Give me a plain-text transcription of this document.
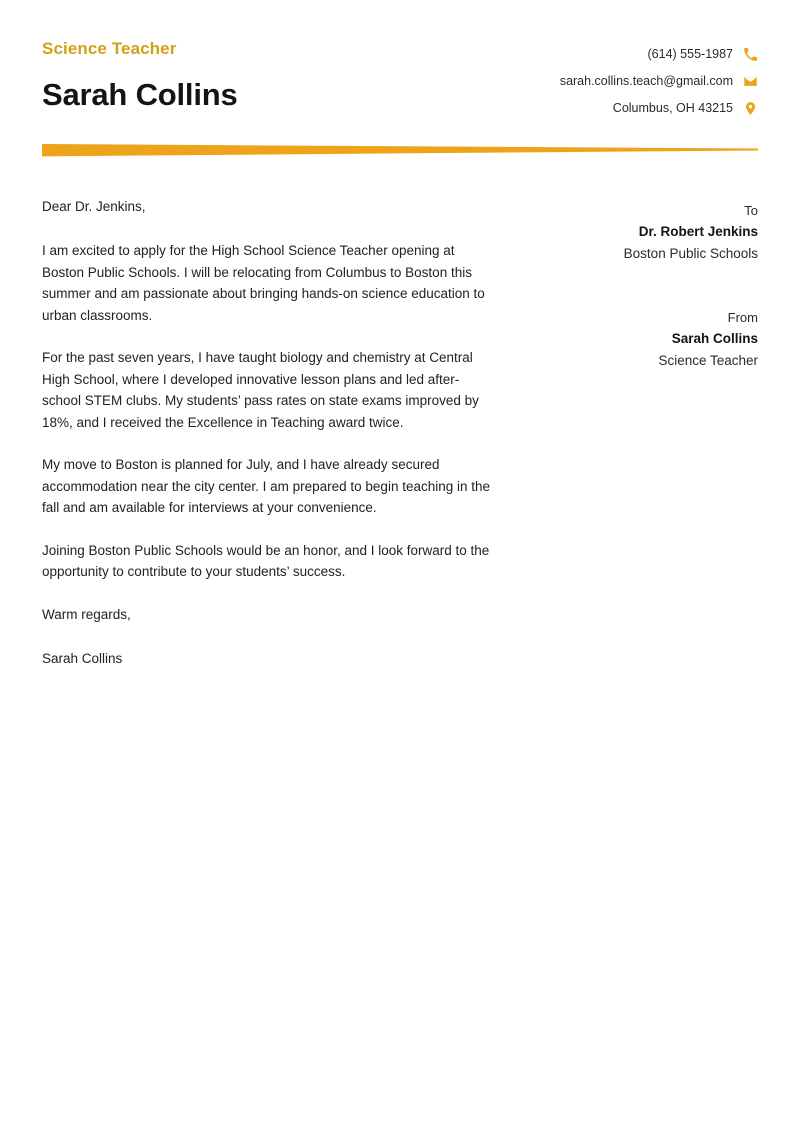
Science Teacher
Sarah Collins
(614) 555-1987
sarah.collins.teach@gmail.com
Columbus, OH 43215

Dear Dr. Jenkins,

I am excited to apply for the High School Science Teacher opening at Boston Public Schools. I will be relocating from Columbus to Boston this summer and am passionate about bringing hands-on science education to urban classrooms.

For the past seven years, I have taught biology and chemistry at Central High School, where I developed innovative lesson plans and led after-school STEM clubs. My students’ pass rates on state exams improved by 18%, and I received the Excellence in Teaching award twice.

My move to Boston is planned for July, and I have already secured accommodation near the city center. I am prepared to begin teaching in the fall and am available for interviews at your convenience.

Joining Boston Public Schools would be an honor, and I look forward to the opportunity to contribute to your students’ success.

Warm regards,

Sarah Collins

To
Dr. Robert Jenkins
Boston Public Schools
From
Sarah Collins
Science Teacher
